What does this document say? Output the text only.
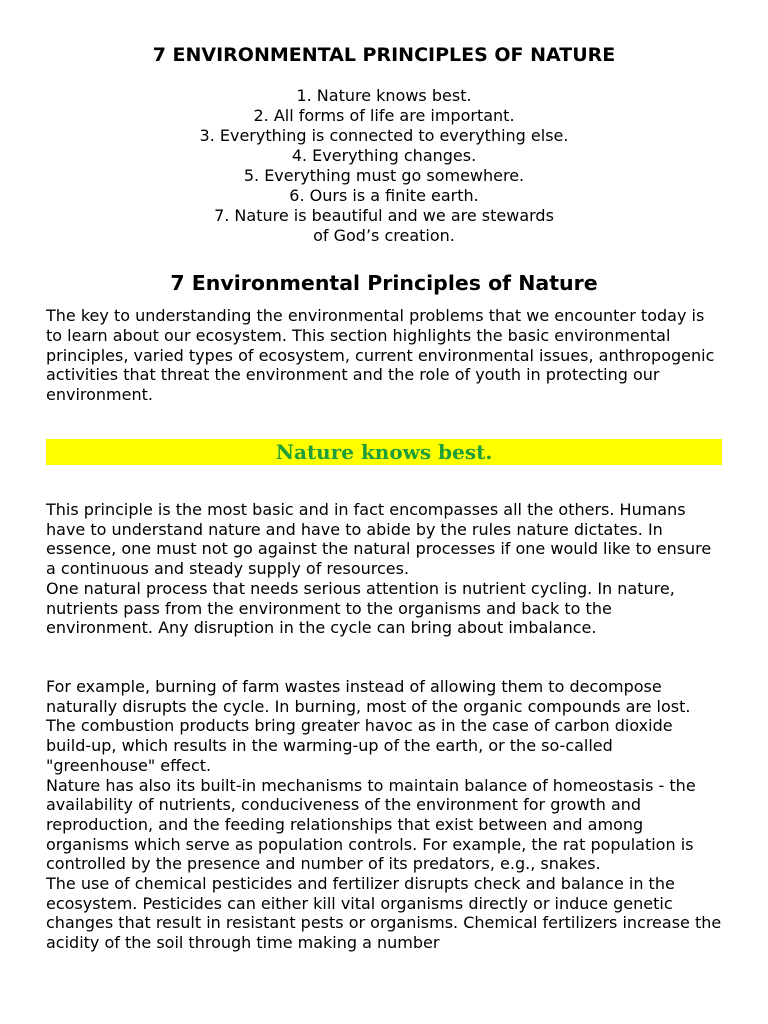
7 ENVIRONMENTAL PRINCIPLES OF NATURE
1. Nature knows best.
2. All forms of life are important.
3. Everything is connected to everything else.
4. Everything changes.
5. Everything must go somewhere.
6. Ours is a finite earth.
7. Nature is beautiful and we are stewards
of God’s creation.
7 Environmental Principles of Nature

The key to understanding the environmental problems that we encounter today is to learn about our ecosystem. This section highlights the basic environmental principles, varied types of ecosystem, current environmental issues, anthropogenic activities that threat the environment and the role of youth in protecting our environment.

Nature knows best.

This principle is the most basic and in fact encompasses all the others. Humans have to understand nature and have to abide by the rules nature dictates. In essence, one must not go against the natural processes if one would like to ensure a continuous and steady supply of resources.

One natural process that needs serious attention is nutrient cycling. In nature, nutrients pass from the environment to the organisms and back to the environment. Any disruption in the cycle can bring about imbalance.

For example, burning of farm wastes instead of allowing them to decompose naturally disrupts the cycle. In burning, most of the organic compounds are lost. The combustion products bring greater havoc as in the case of carbon dioxide build-up, which results in the warming-up of the earth, or the so-called "greenhouse" effect.

Nature has also its built-in mechanisms to maintain balance of homeostasis - the availability of nutrients, conduciveness of the environment for growth and reproduction, and the feeding relationships that exist between and among organisms which serve as population controls. For example, the rat population is controlled by the presence and number of its predators, e.g., snakes.

The use of chemical pesticides and fertilizer disrupts check and balance in the ecosystem. Pesticides can either kill vital organisms directly or induce genetic changes that result in resistant pests or organisms. Chemical fertilizers increase the acidity of the soil through time making a number
